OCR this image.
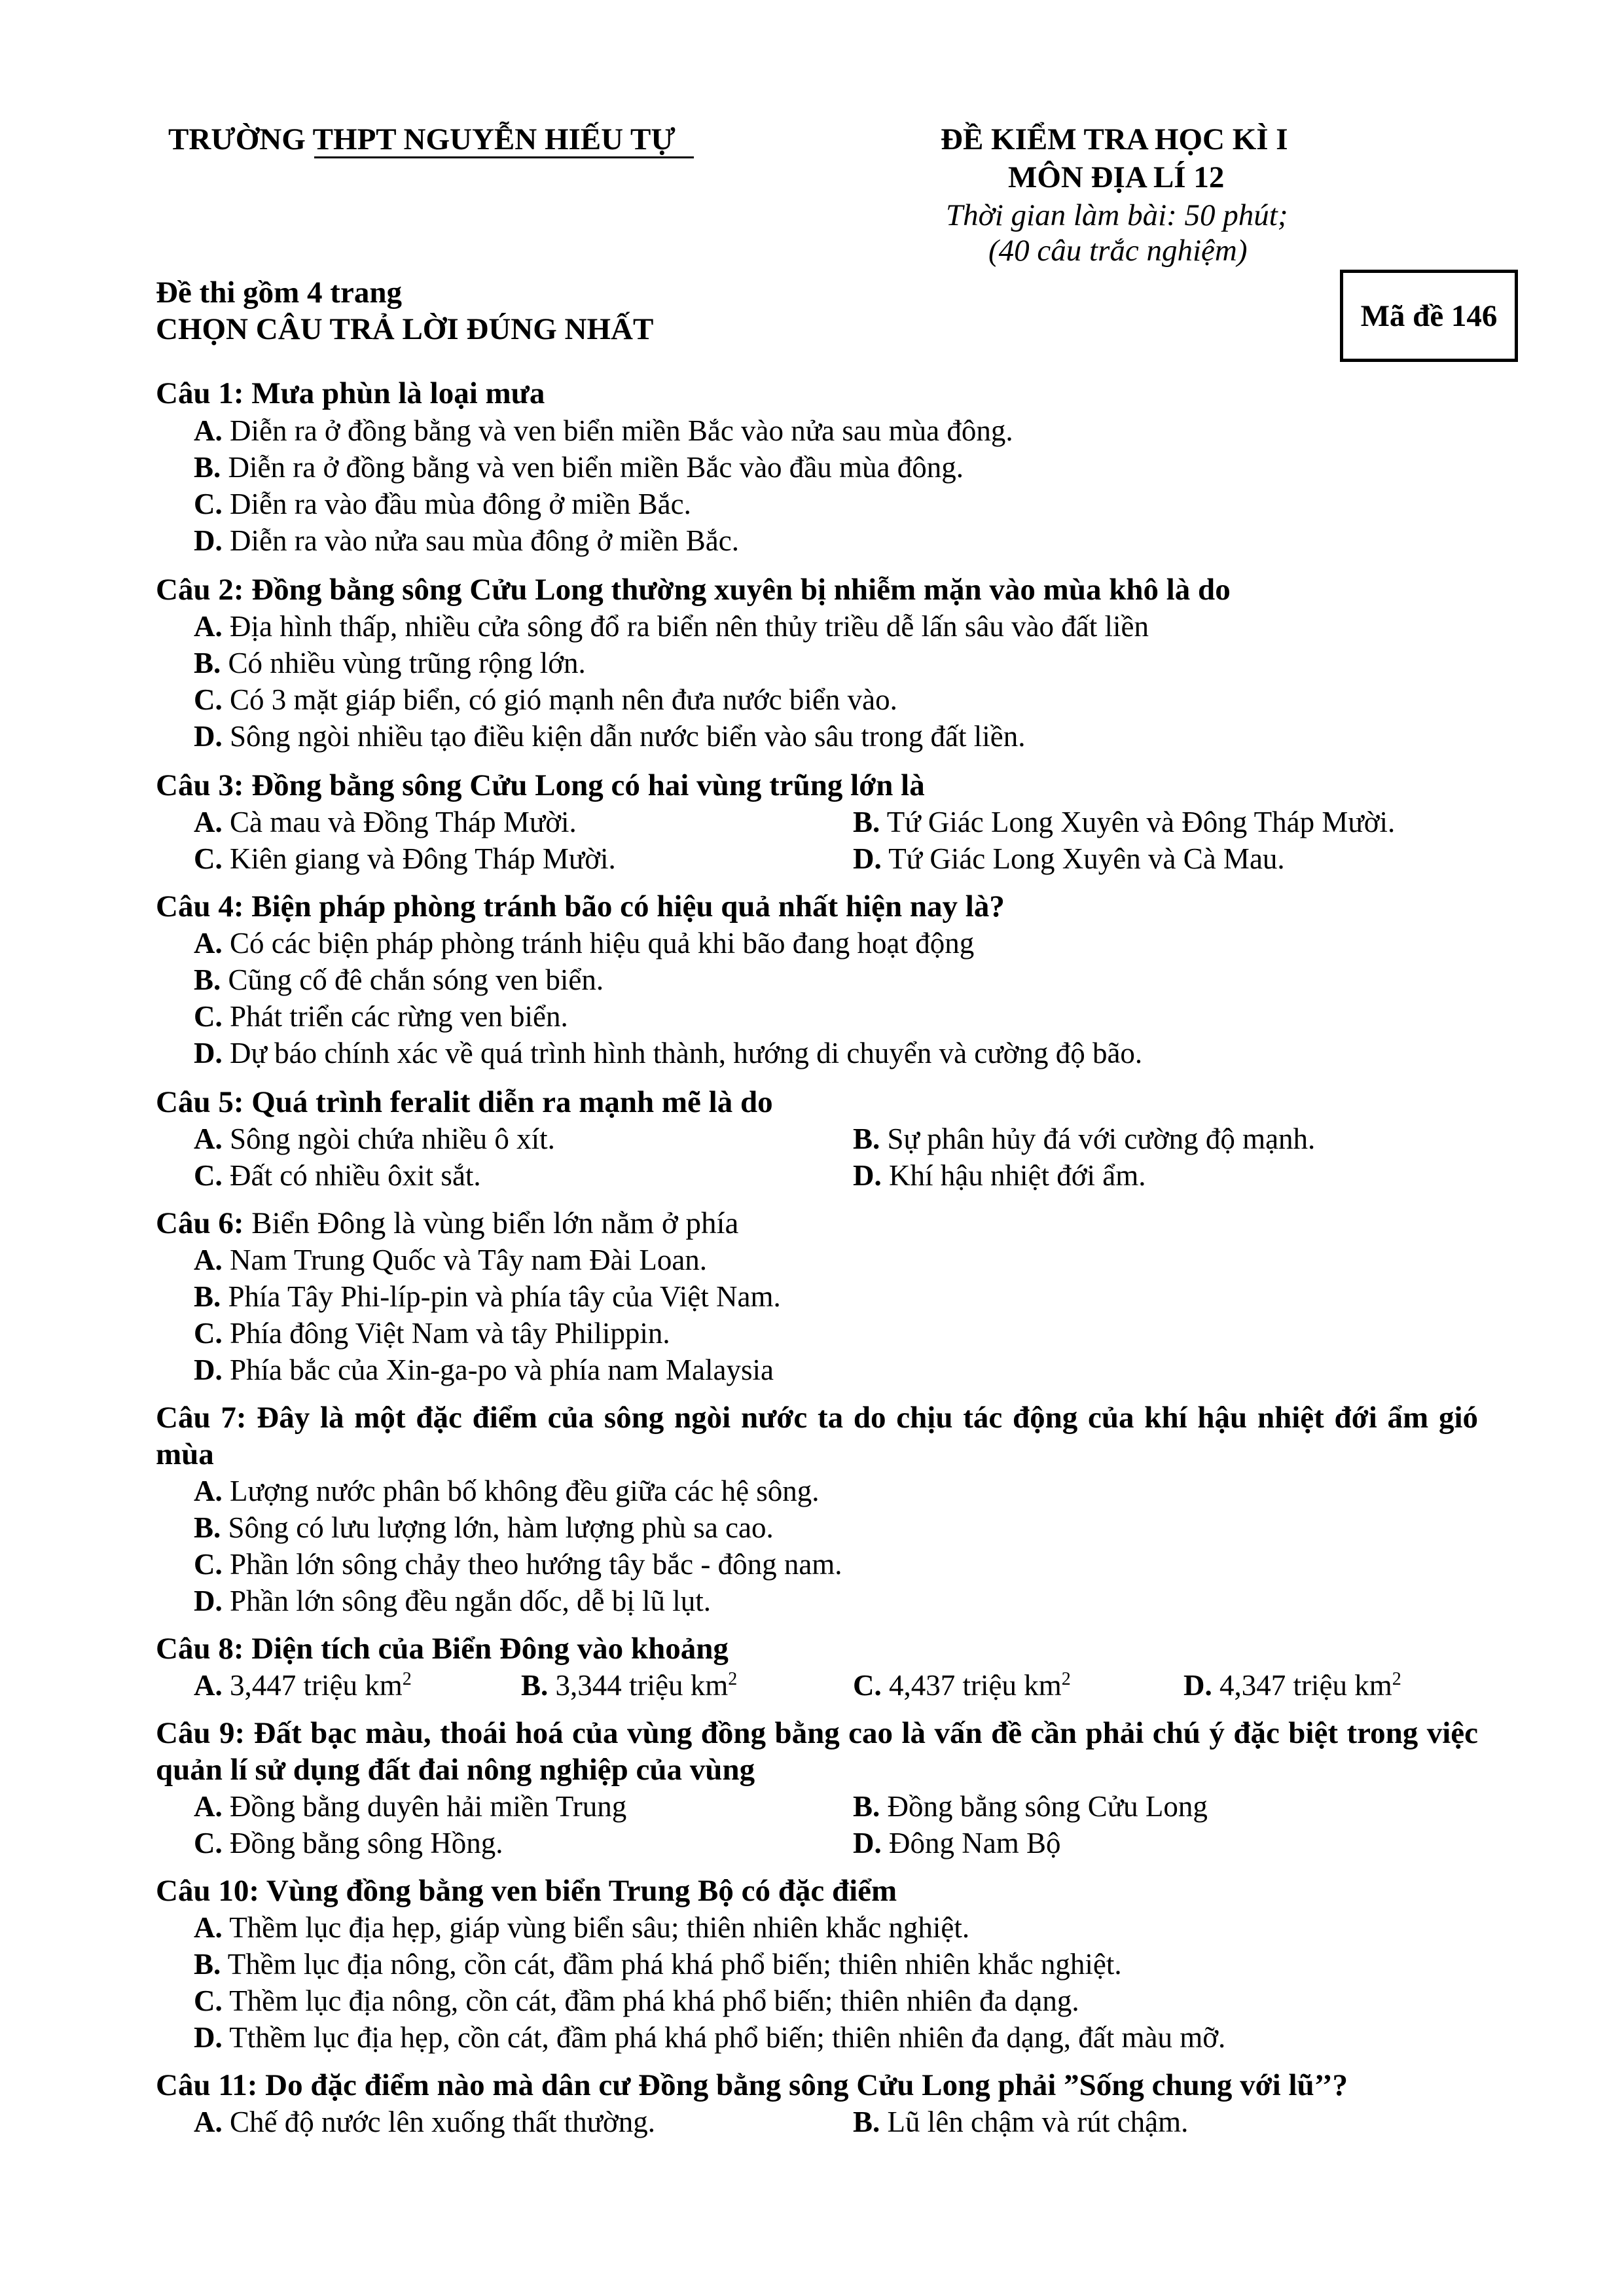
TRƯỜNG THPT NGUYỄN HIẾU TỰ	ĐỀ KIỂM TRA HỌC KÌ I
MÔN ĐỊA LÍ 12
Thời gian làm bài: 50 phút;
(40 câu trắc nghiệm)
Đề thi gồm 4 trang
CHỌN CÂU TRẢ LỜI ĐÚNG NHẤT	Mã đề 146
Câu 1: Mưa phùn là loại mưa
A. Diễn ra ở đồng bằng và ven biển miền Bắc vào nửa sau mùa đông.
B. Diễn ra ở đồng bằng và ven biển miền Bắc vào đầu mùa đông.
C. Diễn ra vào đầu mùa đông ở miền Bắc.
D. Diễn ra vào nửa sau mùa đông ở miền Bắc.
Câu 2: Đồng bằng sông Cửu Long thường xuyên bị nhiễm mặn vào mùa khô là do
A. Địa hình thấp, nhiều cửa sông đổ ra biển nên thủy triều dễ lấn sâu vào đất liền
B. Có nhiều vùng trũng rộng lớn.
C. Có 3 mặt giáp biển, có gió mạnh nên đưa nước biển vào.
D. Sông ngòi nhiều tạo điều kiện dẫn nước biển vào sâu trong đất liền.
Câu 3: Đồng bằng sông Cửu Long có hai vùng trũng lớn là
A. Cà mau và Đồng Tháp Mười.	B. Tứ Giác Long Xuyên và Đông Tháp Mười.
C. Kiên giang và Đông Tháp Mười.	D. Tứ Giác Long Xuyên và Cà Mau.
Câu 4: Biện pháp phòng tránh bão có hiệu quả nhất hiện nay là?
A. Có các biện pháp phòng tránh hiệu quả khi bão đang hoạt động
B. Cũng cố đê chắn sóng ven biển.
C. Phát triển các rừng ven biển.
D. Dự báo chính xác về quá trình hình thành, hướng di chuyển và cường độ bão.
Câu 5: Quá trình feralit diễn ra mạnh mẽ là do
A. Sông ngòi chứa nhiều ô xít.	B. Sự phân hủy đá với cường độ mạnh.
C. Đất có nhiều ôxit sắt.	D. Khí hậu nhiệt đới ẩm.
Câu 6: Biển Đông là vùng biển lớn nằm ở phía
A. Nam Trung Quốc và Tây nam Đài Loan.
B. Phía Tây Phi-líp-pin và phía tây của Việt Nam.
C. Phía đông Việt Nam và tây Philippin.
D. Phía bắc của Xin-ga-po và phía nam Malaysia
Câu 7: Đây là một đặc điểm của sông ngòi nước ta do chịu tác động của khí hậu nhiệt đới ẩm gió mùa
A. Lượng nước phân bố không đều giữa các hệ sông.
B. Sông có lưu lượng lớn, hàm lượng phù sa cao.
C. Phần lớn sông chảy theo hướng tây bắc - đông nam.
D. Phần lớn sông đều ngắn dốc, dễ bị lũ lụt.
Câu 8: Diện tích của Biển Đông vào khoảng
A. 3,447 triệu $km^2$	B. 3,344 triệu $km^2$	C. 4,437 triệu $km^2$	D. 4,347 triệu $km^2$
Câu 9: Đất bạc màu, thoái hoá của vùng đồng bằng cao là vấn đề cần phải chú ý đặc biệt trong việc quản lí sử dụng đất đai nông nghiệp của vùng
A. Đồng bằng duyên hải miền Trung	B. Đồng bằng sông Cửu Long
C. Đồng bằng sông Hồng.	D. Đông Nam Bộ
Câu 10: Vùng đồng bằng ven biển Trung Bộ có đặc điểm
A. Thềm lục địa hẹp, giáp vùng biển sâu; thiên nhiên khắc nghiệt.
B. Thềm lục địa nông, cồn cát, đầm phá khá phổ biến; thiên nhiên khắc nghiệt.
C. Thềm lục địa nông, cồn cát, đầm phá khá phổ biến; thiên nhiên đa dạng.
D. Tthềm lục địa hẹp, cồn cát, đầm phá khá phổ biến; thiên nhiên đa dạng, đất màu mỡ.
Câu 11: Do đặc điểm nào mà dân cư Đồng bằng sông Cửu Long phải ”Sống chung với lũ’’?
A. Chế độ nước lên xuống thất thường.	B. Lũ lên chậm và rút chậm.
